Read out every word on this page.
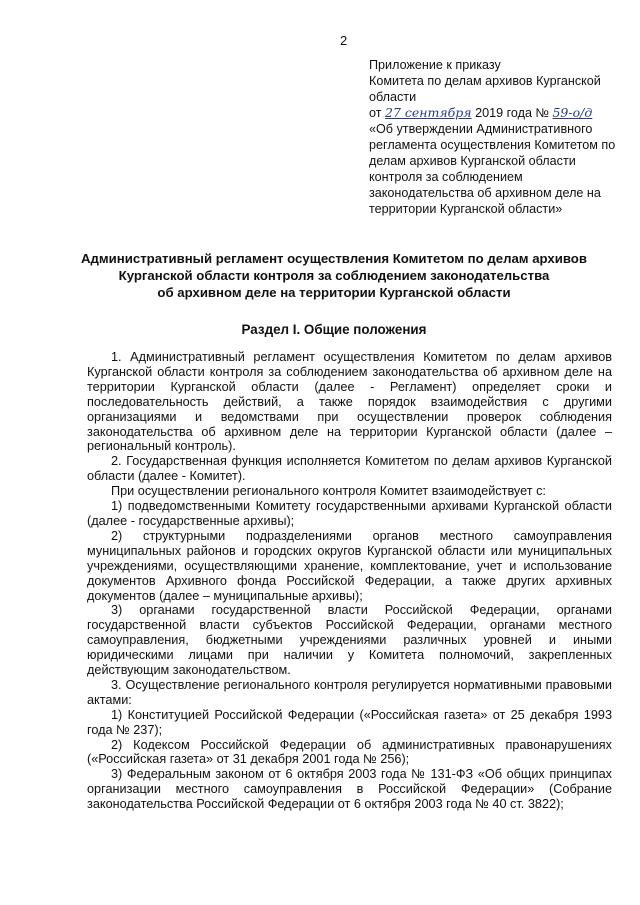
2
Приложение к приказу
Комитета по делам архивов Курганской
области
от 27 сентября 2019 года № 59-о/д
«Об утверждении Административного регламента осуществления Комитетом по делам архивов Курганской области контроля за соблюдением законодательства об архивном деле на территории Курганской области»
Административный регламент осуществления Комитетом по делам архивов
Курганской области контроля за соблюдением законодательства
об архивном деле на территории Курганской области
Раздел I. Общие положения

1. Административный регламент осуществления Комитетом по делам архивов Курганской области контроля за соблюдением законодательства об архивном деле на территории Курганской области (далее - Регламент) определяет сроки и последовательность действий, а также порядок взаимодействия с другими организациями и ведомствами при осуществлении проверок соблюдения законодательства об архивном деле на территории Курганской области (далее – региональный контроль).

2. Государственная функция исполняется Комитетом по делам архивов Курганской области (далее - Комитет).

При осуществлении регионального контроля Комитет взаимодействует с:

1) подведомственными Комитету государственными архивами Курганской области (далее - государственные архивы);

2) структурными подразделениями органов местного самоуправления муниципальных районов и городских округов Курганской области или муниципальных учреждениями, осуществляющими хранение, комплектование, учет и использование документов Архивного фонда Российской Федерации, а также других архивных документов (далее – муниципальные архивы);

3) органами государственной власти Российской Федерации, органами государственной власти субъектов Российской Федерации, органами местного самоуправления, бюджетными учреждениями различных уровней и иными юридическими лицами при наличии у Комитета полномочий, закрепленных действующим законодательством.

3. Осуществление регионального контроля регулируется нормативными правовыми актами:

1) Конституцией Российской Федерации («Российская газета» от 25 декабря 1993 года № 237);

2) Кодексом Российской Федерации об административных правонарушениях («Российская газета» от 31 декабря 2001 года № 256);

3) Федеральным законом от 6 октября 2003 года № 131-ФЗ «Об общих принципах организации местного самоуправления в Российской Федерации» (Собрание законодательства Российской Федерации от 6 октября 2003 года № 40 ст. 3822);
